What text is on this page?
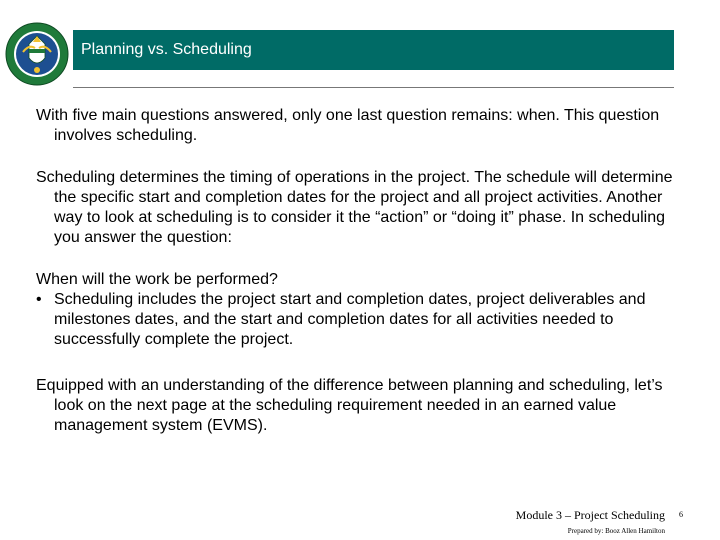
Planning vs. Scheduling

With five main questions answered, only one last question remains: when. This question involves scheduling.

Scheduling determines the timing of operations in the project. The schedule will determine the specific start and completion dates for the project and all project activities. Another way to look at scheduling is to consider it the “action” or “doing it” phase. In scheduling you answer the question:

When will the work be performed?

• Scheduling includes the project start and completion dates, project deliverables and milestones dates, and the start and completion dates for all activities needed to successfully complete the project.

Equipped with an understanding of the difference between planning and scheduling, let’s look on the next page at the scheduling requirement needed in an earned value management system (EVMS).

Module 3 – Project Scheduling
Prepared by: Booz Allen Hamilton
6
